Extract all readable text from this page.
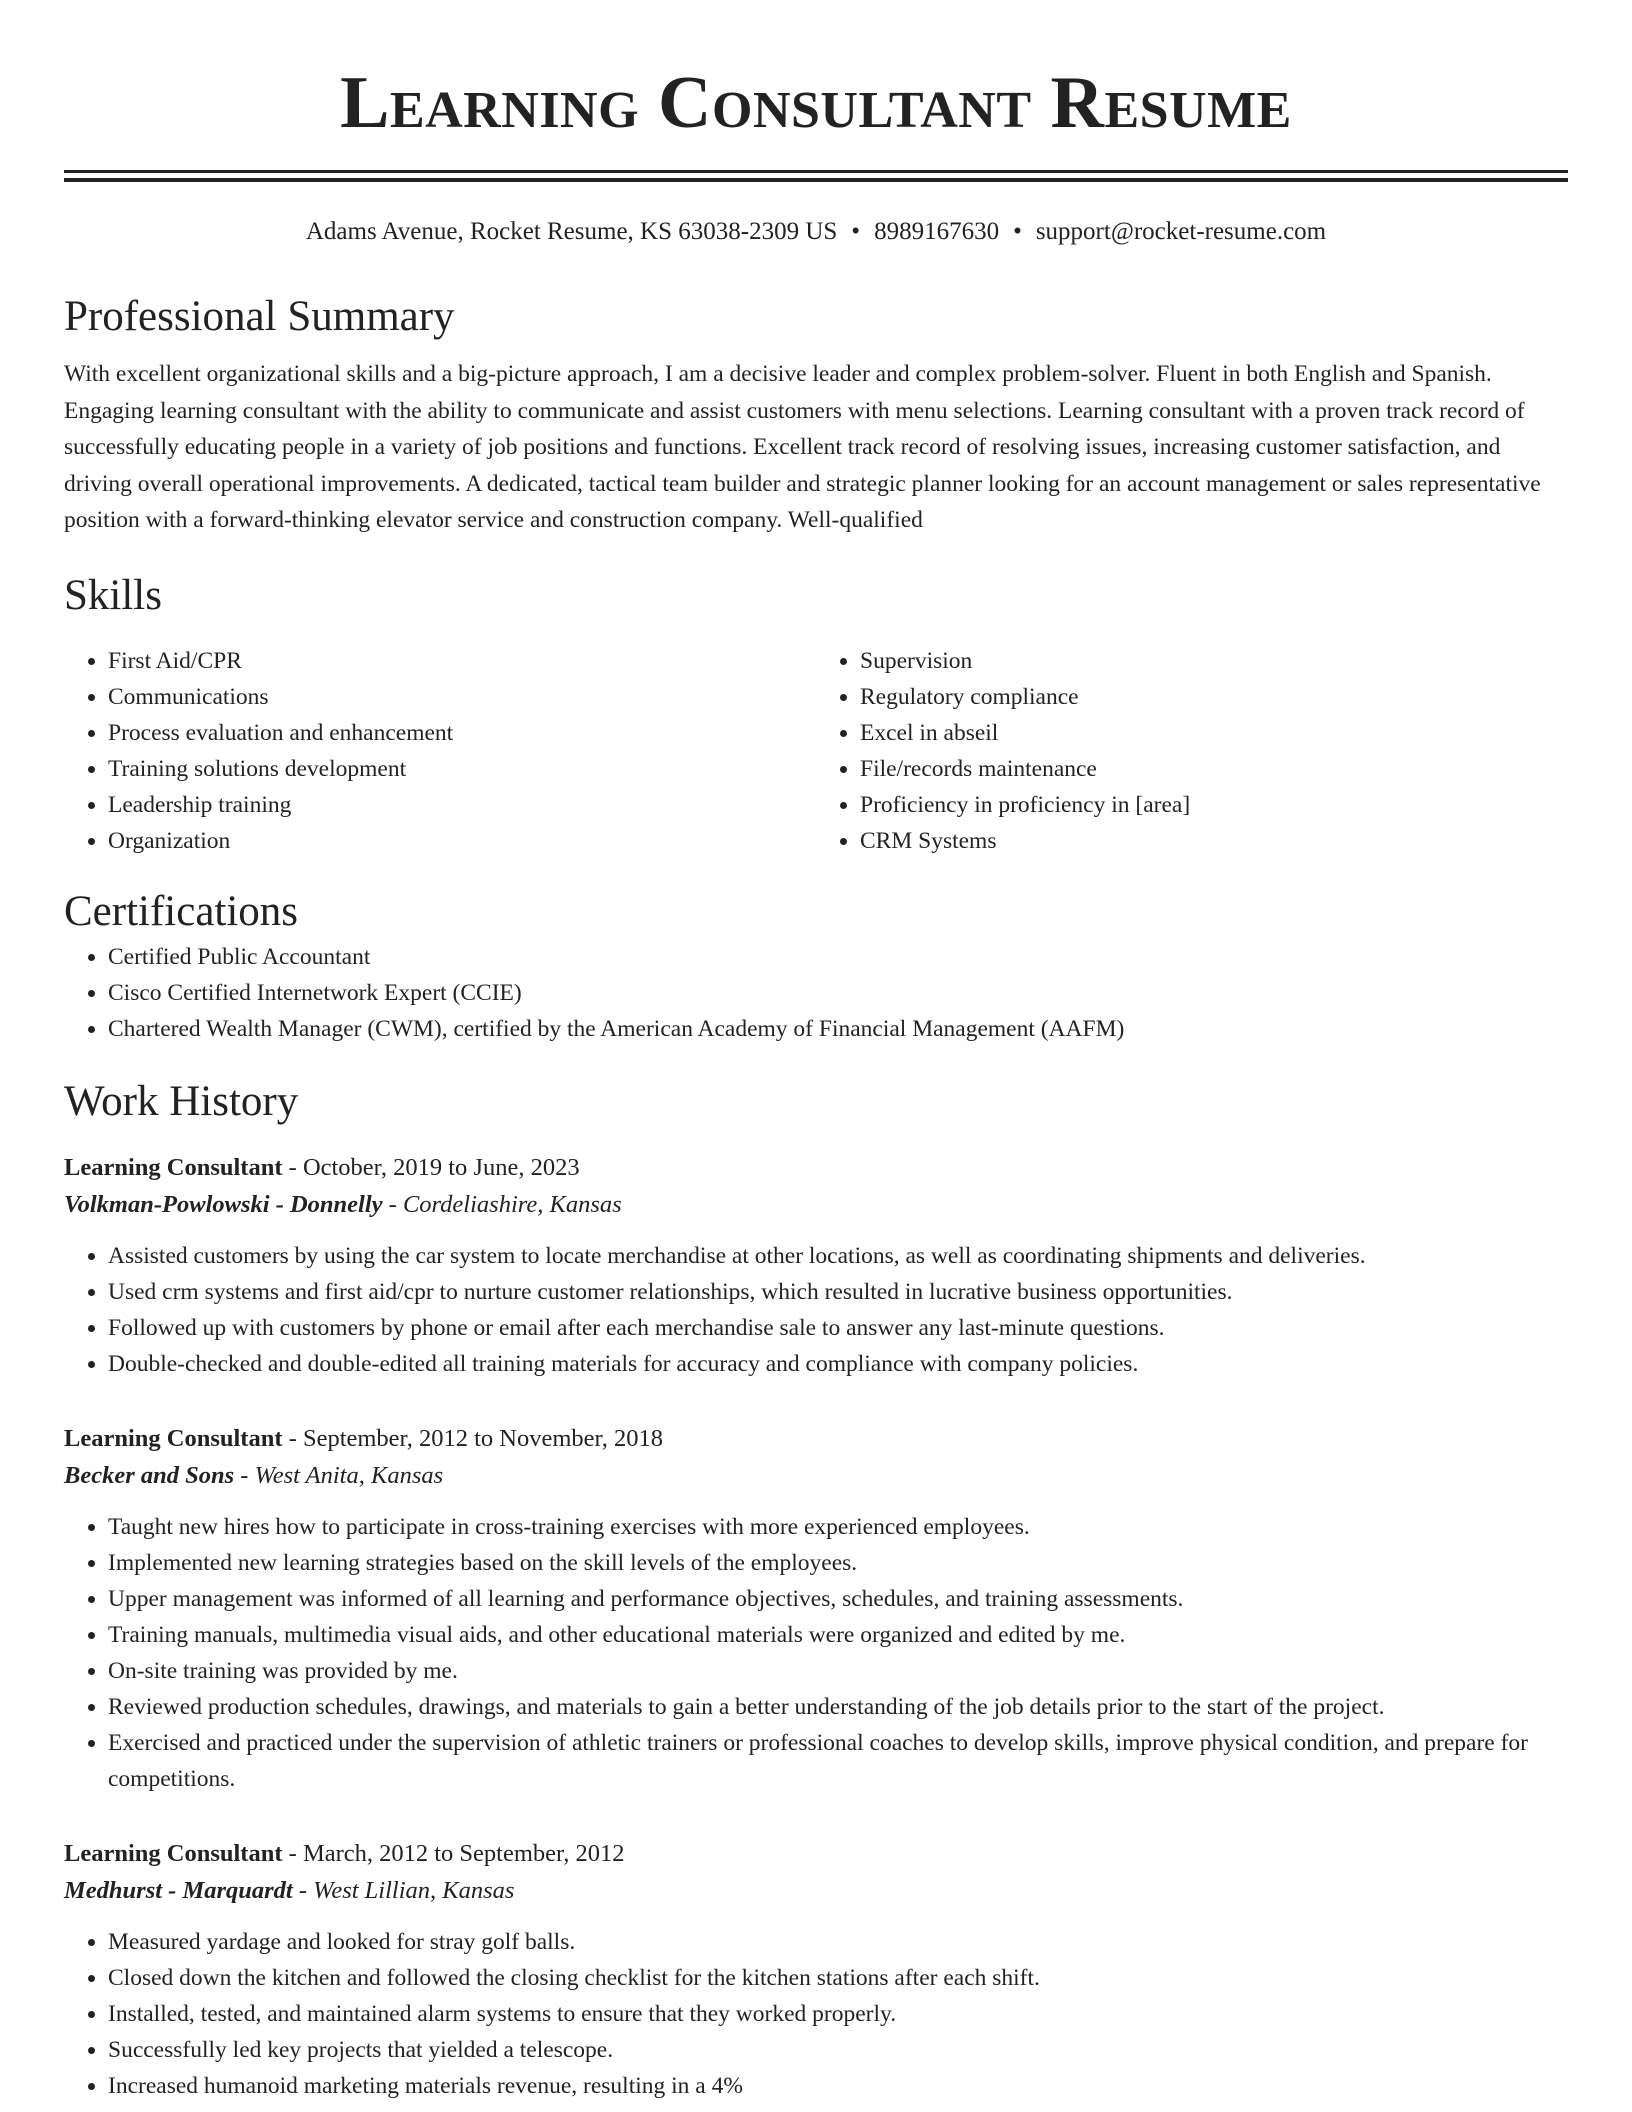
Learning Consultant Resume
Adams Avenue, Rocket Resume, KS 63038-2309 US • 8989167630 • support@rocket-resume.com
Professional Summary

With excellent organizational skills and a big-picture approach, I am a decisive leader and complex problem-solver. Fluent in both English and Spanish. Engaging learning consultant with the ability to communicate and assist customers with menu selections. Learning consultant with a proven track record of successfully educating people in a variety of job positions and functions. Excellent track record of resolving issues, increasing customer satisfaction, and driving overall operational improvements. A dedicated, tactical team builder and strategic planner looking for an account management or sales representative position with a forward-thinking elevator service and construction company. Well-qualified

Skills
• First Aid/CPR
• Communications
• Process evaluation and enhancement
• Training solutions development
• Leadership training
• Organization
• Supervision
• Regulatory compliance
• Excel in abseil
• File/records maintenance
• Proficiency in proficiency in [area]
• CRM Systems
Certifications
• Certified Public Accountant
• Cisco Certified Internetwork Expert (CCIE)
• Chartered Wealth Manager (CWM), certified by the American Academy of Financial Management (AAFM)
Work History
Learning Consultant - October, 2019 to June, 2023
Volkman-Powlowski - Donnelly - Cordeliashire, Kansas
• Assisted customers by using the car system to locate merchandise at other locations, as well as coordinating shipments and deliveries.
• Used crm systems and first aid/cpr to nurture customer relationships, which resulted in lucrative business opportunities.
• Followed up with customers by phone or email after each merchandise sale to answer any last-minute questions.
• Double-checked and double-edited all training materials for accuracy and compliance with company policies.
Learning Consultant - September, 2012 to November, 2018
Becker and Sons - West Anita, Kansas
• Taught new hires how to participate in cross-training exercises with more experienced employees.
• Implemented new learning strategies based on the skill levels of the employees.
• Upper management was informed of all learning and performance objectives, schedules, and training assessments.
• Training manuals, multimedia visual aids, and other educational materials were organized and edited by me.
• On-site training was provided by me.
• Reviewed production schedules, drawings, and materials to gain a better understanding of the job details prior to the start of the project.
• Exercised and practiced under the supervision of athletic trainers or professional coaches to develop skills, improve physical condition, and prepare for competitions.
Learning Consultant - March, 2012 to September, 2012
Medhurst - Marquardt - West Lillian, Kansas
• Measured yardage and looked for stray golf balls.
• Closed down the kitchen and followed the closing checklist for the kitchen stations after each shift.
• Installed, tested, and maintained alarm systems to ensure that they worked properly.
• Successfully led key projects that yielded a telescope.
• Increased humanoid marketing materials revenue, resulting in a 4%
